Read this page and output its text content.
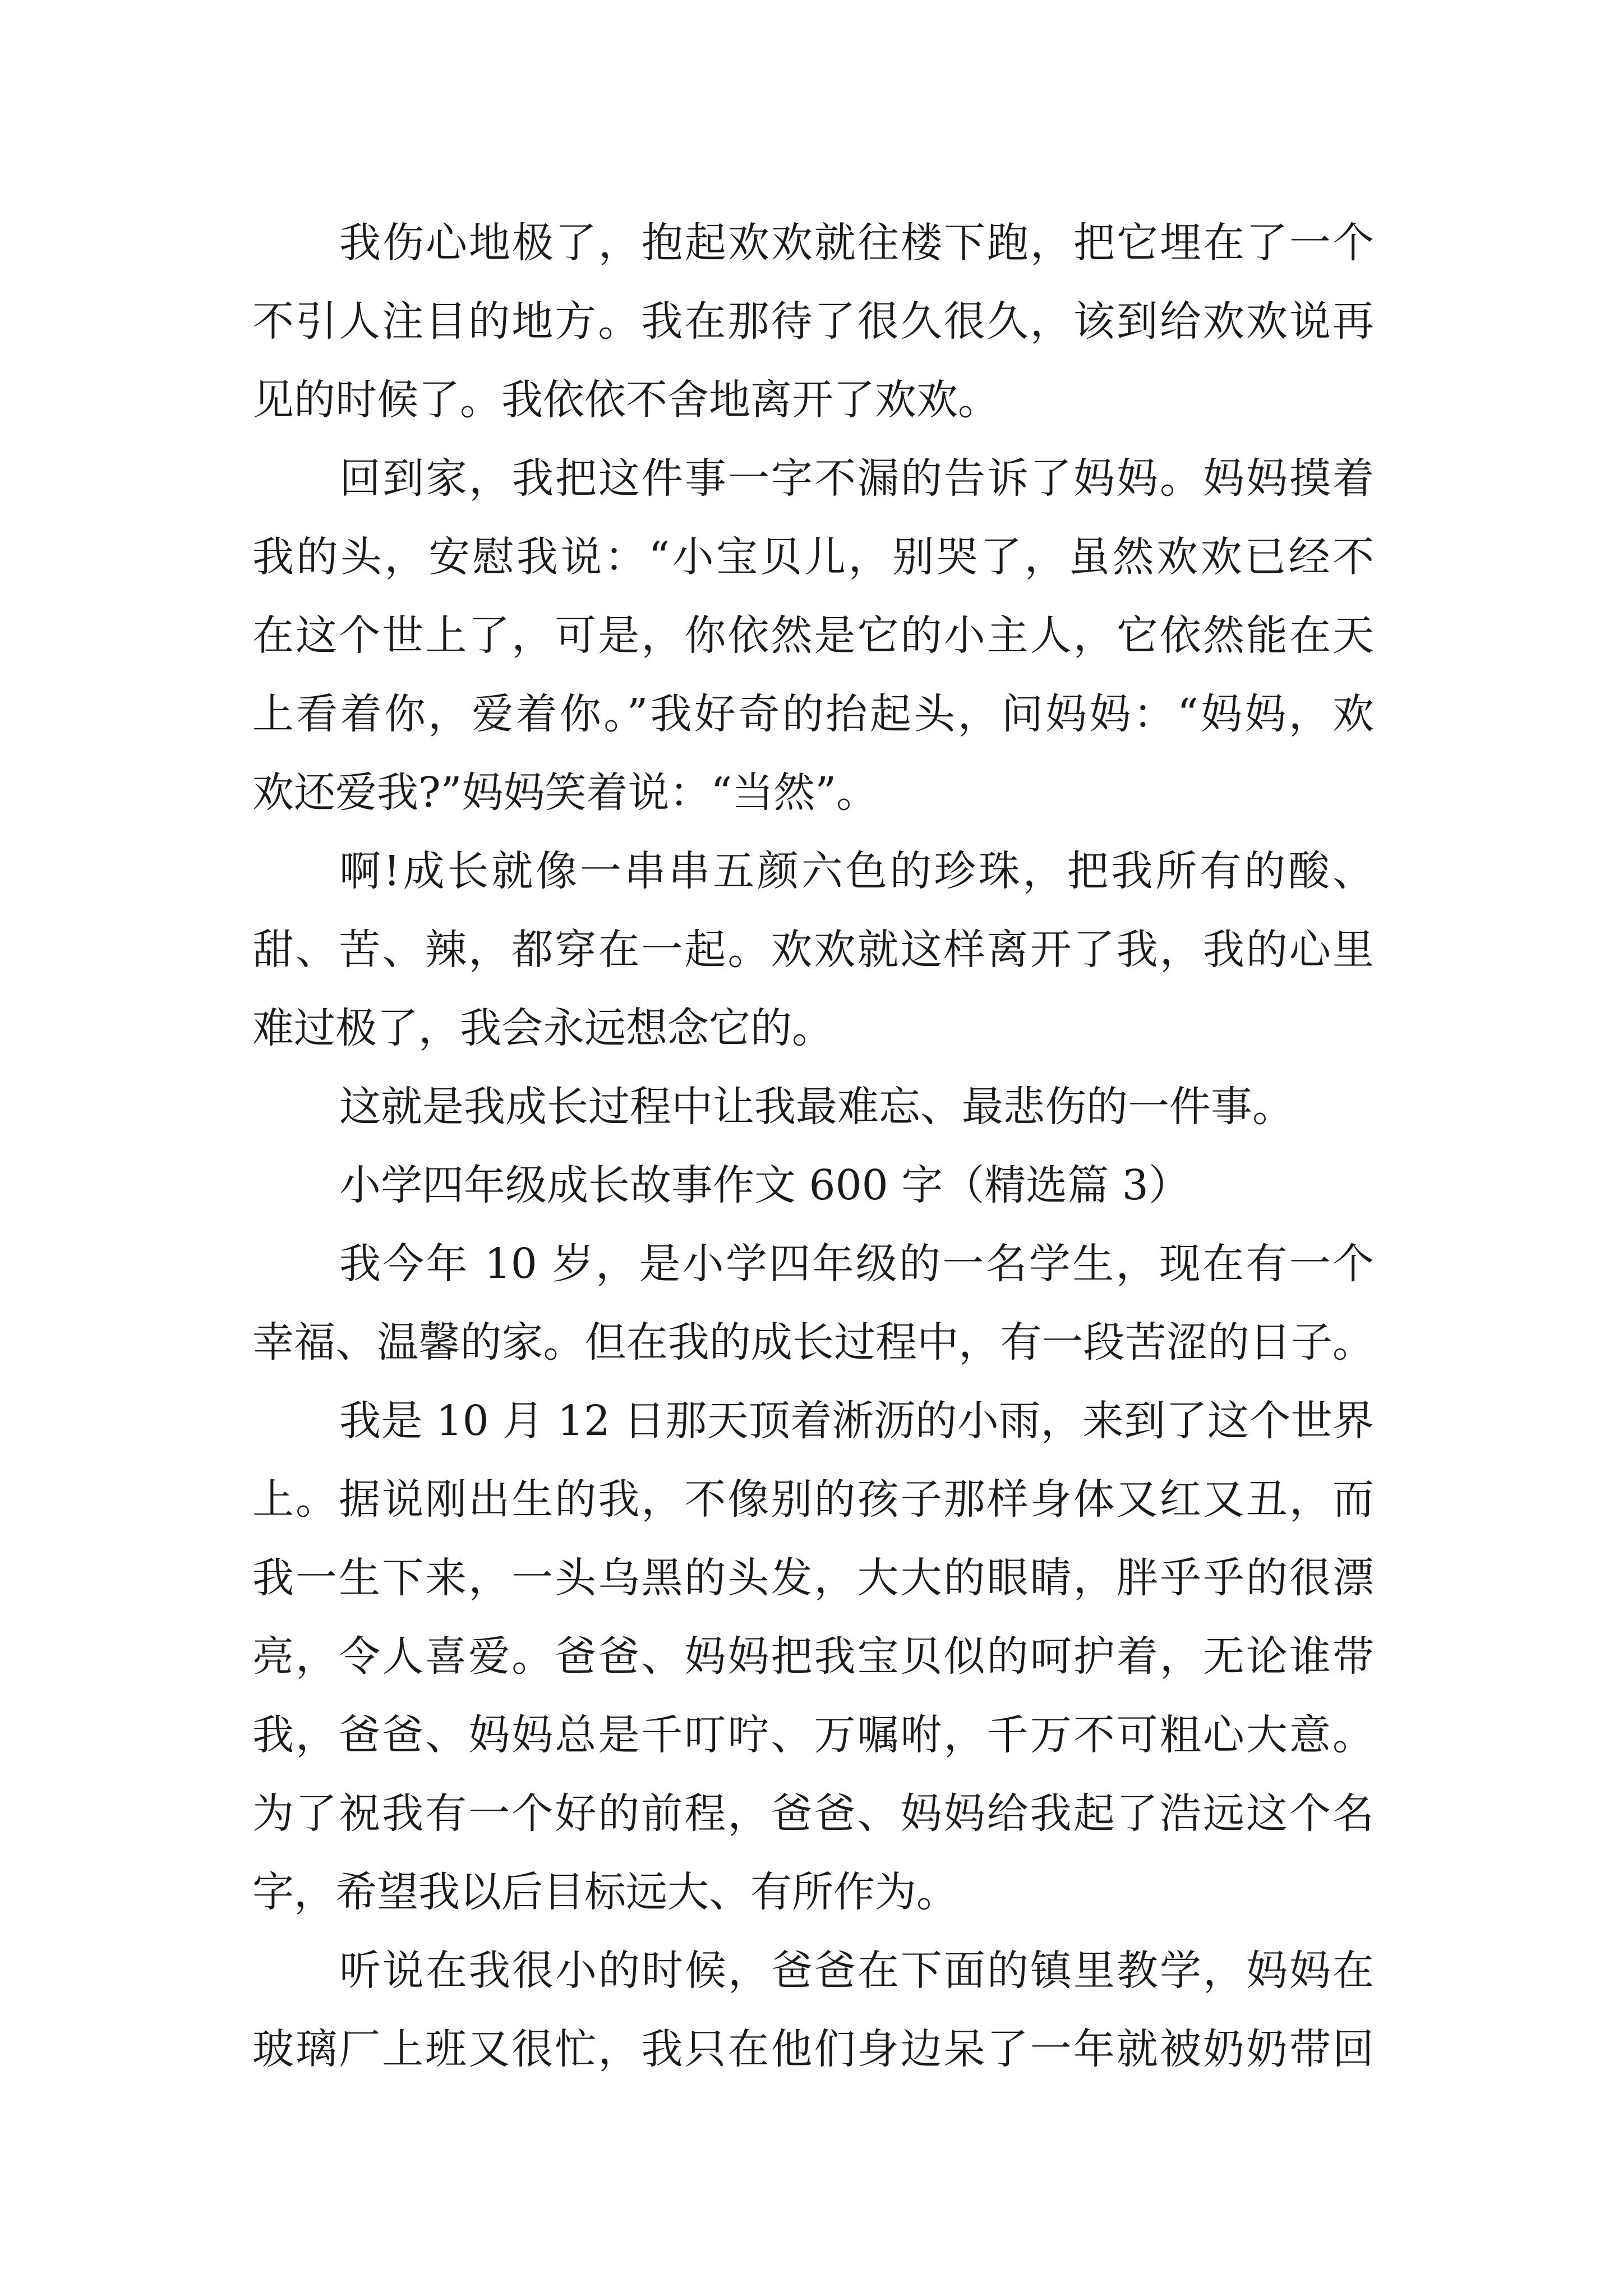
我伤心地极了，抱起欢欢就往楼下跑，把它埋在了一个
不引人注目的地方。我在那待了很久很久，该到给欢欢说再
见的时候了。我依依不舍地离开了欢欢。
回到家，我把这件事一字不漏的告诉了妈妈。妈妈摸着
我的头，安慰我说：“小宝贝儿，别哭了，虽然欢欢已经不
在这个世上了，可是，你依然是它的小主人，它依然能在天
上看着你，爱着你。”我好奇的抬起头，问妈妈：“妈妈，欢
欢还爱我?”妈妈笑着说：“当然”。
啊!成长就像一串串五颜六色的珍珠，把我所有的酸、
甜、苦、辣，都穿在一起。欢欢就这样离开了我，我的心里
难过极了，我会永远想念它的。
这就是我成长过程中让我最难忘、最悲伤的一件事。
小学四年级成长故事作文 600 字（精选篇 3）
我今年 10 岁，是小学四年级的一名学生，现在有一个
幸福、温馨的家。但在我的成长过程中，有一段苦涩的日子。
我是 10 月 12 日那天顶着淅沥的小雨，来到了这个世界
上。据说刚出生的我，不像别的孩子那样身体又红又丑，而
我一生下来，一头乌黑的头发，大大的眼睛，胖乎乎的很漂
亮，令人喜爱。爸爸、妈妈把我宝贝似的呵护着，无论谁带
我，爸爸、妈妈总是千叮咛、万嘱咐，千万不可粗心大意。
为了祝我有一个好的前程，爸爸、妈妈给我起了浩远这个名
字，希望我以后目标远大、有所作为。
听说在我很小的时候，爸爸在下面的镇里教学，妈妈在
玻璃厂上班又很忙，我只在他们身边呆了一年就被奶奶带回
